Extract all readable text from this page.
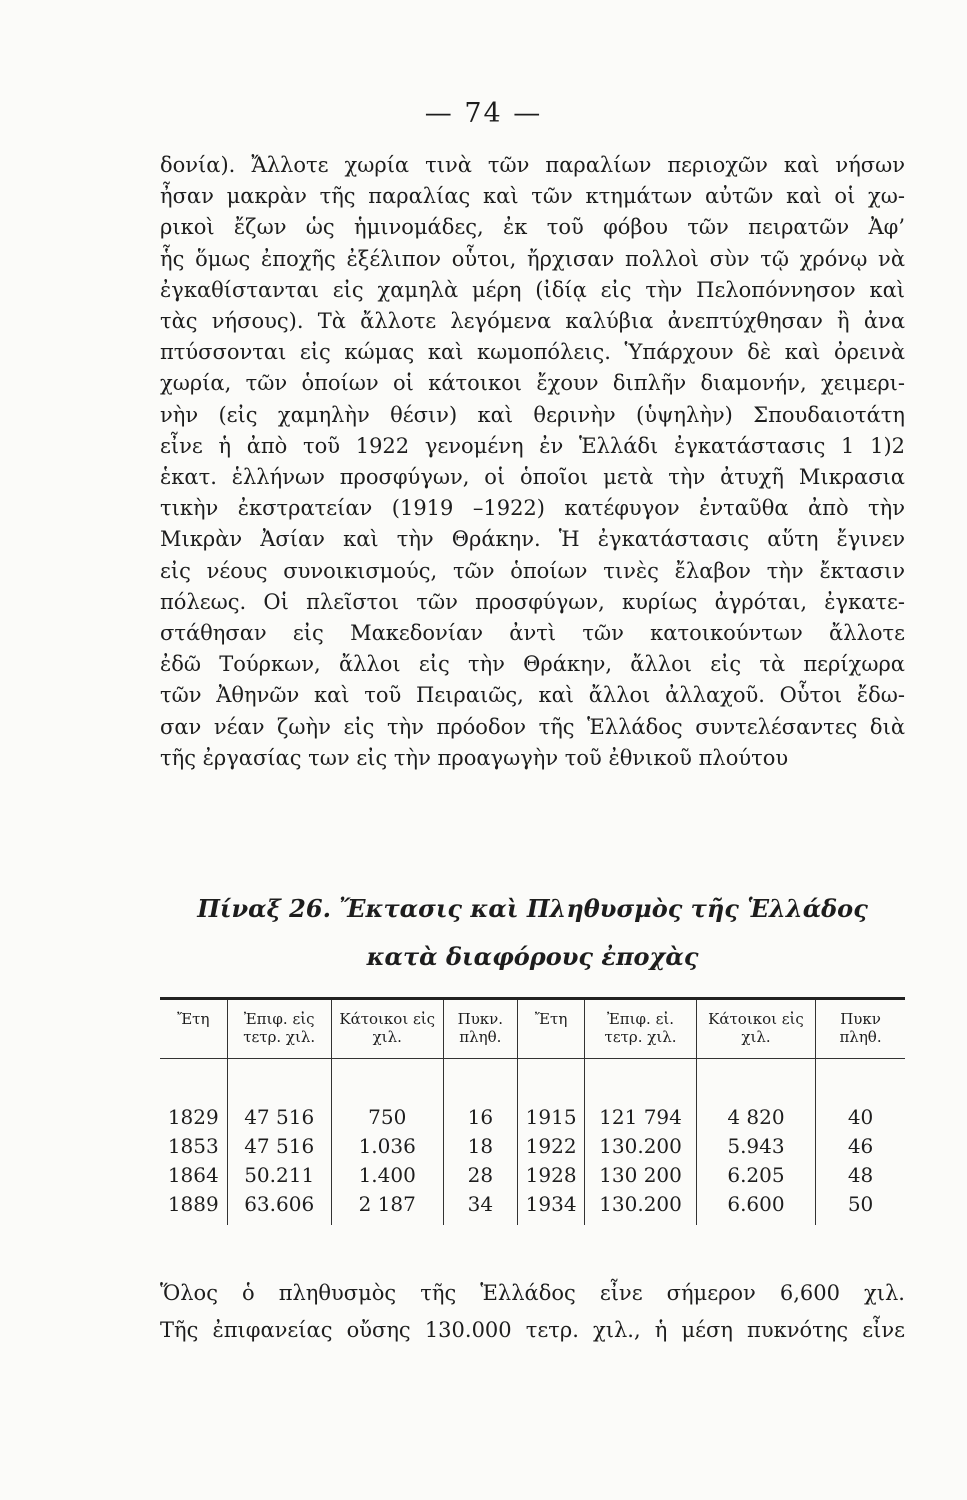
— 74 —
δονία). Ἄλλοτε χωρία τινὰ τῶν παραλίων περιοχῶν καὶ νήσων
ἦσαν μακρὰν τῆς παραλίας καὶ τῶν κτημάτων αὐτῶν καὶ οἱ χω-
ρικοὶ ἔζων ὡς ἡμινομάδες, ἐκ τοῦ φόβου τῶν πειρατῶν Ἀφ’
ἧς ὅμως ἐποχῆς ἐξέλιπον οὗτοι, ἤρχισαν πολλοὶ σὺν τῷ χρόνῳ νὰ
ἐγκαθίστανται εἰς χαμηλὰ μέρη (ἰδίᾳ εἰς τὴν Πελοπόννησον καὶ
τὰς νήσους). Τὰ ἄλλοτε λεγόμενα καλύβια ἀνεπτύχθησαν ἢ ἀνα
πτύσσονται εἰς κώμας καὶ κωμοπόλεις. Ὑπάρχουν δὲ καὶ ὀρεινὰ
χωρία, τῶν ὁποίων οἱ κάτοικοι ἔχουν διπλῆν διαμονήν, χειμερι-
νὴν (εἰς χαμηλὴν θέσιν) καὶ θερινὴν (ὑψηλὴν) Σπουδαιοτάτη
εἶνε ἡ ἀπὸ τοῦ 1922 γενομένη ἐν Ἑλλάδι ἐγκατάστασις 1 1)2
ἑκατ. ἑλλήνων προσφύγων, οἱ ὁποῖοι μετὰ τὴν ἀτυχῆ Μικρασια
τικὴν ἐκστρατείαν (1919 –1922) κατέφυγον ἐνταῦθα ἀπὸ τὴν
Μικρὰν Ἀσίαν καὶ τὴν Θράκην. Ἡ ἐγκατάστασις αὕτη ἔγινεν
εἰς νέους συνοικισμούς, τῶν ὁποίων τινὲς ἔλαβον τὴν ἔκτασιν
πόλεως. Οἱ πλεῖστοι τῶν προσφύγων, κυρίως ἀγρόται, ἐγκατε-
στάθησαν εἰς Μακεδονίαν ἀντὶ τῶν κατοικούντων ἄλλοτε
ἐδῶ Τούρκων, ἄλλοι εἰς τὴν Θράκην, ἄλλοι εἰς τὰ περίχωρα
τῶν Ἀθηνῶν καὶ τοῦ Πειραιῶς, καὶ ἄλλοι ἀλλαχοῦ. Οὗτοι ἔδω-
σαν νέαν ζωὴν εἰς τὴν πρόοδον τῆς Ἑλλάδος συντελέσαντες διὰ
τῆς ἐργασίας των εἰς τὴν προαγωγὴν τοῦ ἐθνικοῦ πλούτου
Πίναξ 26. Ἔκτασις καὶ Πληθυσμὸς τῆς Ἑλλάδος
κατὰ διαφόρους ἐποχὰς
Ἔτη	Ἐπιφ. εἰς τετρ. χιλ.	Κάτοικοι εἰς χιλ.	Πυκν. πληθ.	Ἔτη	Ἐπιφ. εἰ. τετρ. χιλ.	Κάτοικοι εἰς χιλ.	Πυκν πληθ.
1829	47 516	750	16	1915	121 794	4 820	40
1853	47 516	1.036	18	1922	130.200	5.943	46
1864	50.211	1.400	28	1928	130 200	6.205	48
1889	63.606	2 187	34	1934	130.200	6.600	50
Ὅλος ὁ πληθυσμὸς τῆς Ἑλλάδος εἶνε σήμερον 6,600 χιλ.
Τῆς ἐπιφανείας οὔσης 130.000 τετρ. χιλ., ἡ μέση πυκνότης εἶνε
